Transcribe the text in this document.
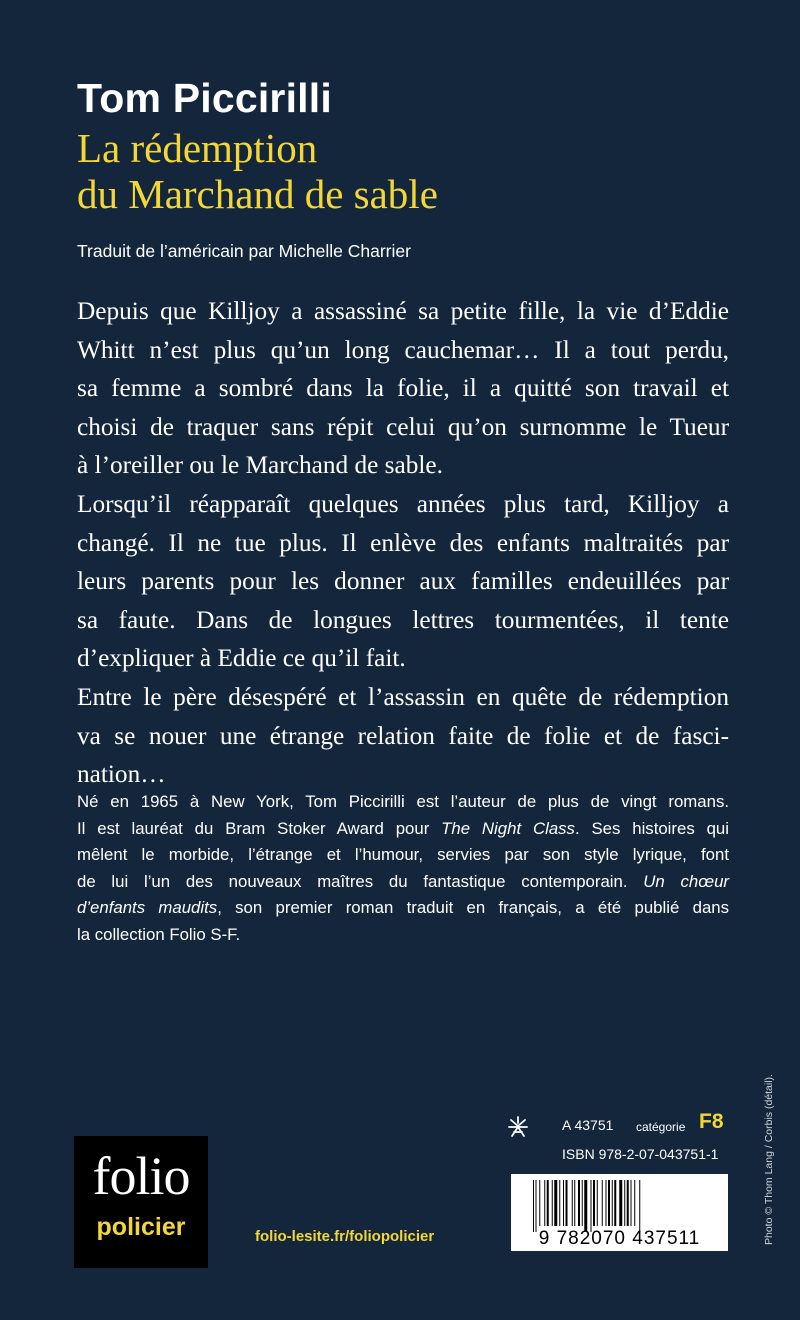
Tom Piccirilli
La rédemption
du Marchand de sable
Traduit de l’américain par Michelle Charrier
Depuis que Killjoy a assassiné sa petite fille, la vie d’Eddie
Whitt n’est plus qu’un long cauchemar… Il a tout perdu,
sa femme a sombré dans la folie, il a quitté son travail et
choisi de traquer sans répit celui qu’on surnomme le Tueur
à l’oreiller ou le Marchand de sable.
Lorsqu’il réapparaît quelques années plus tard, Killjoy a
changé. Il ne tue plus. Il enlève des enfants maltraités par
leurs parents pour les donner aux familles endeuillées par
sa faute. Dans de longues lettres tourmentées, il tente
d’expliquer à Eddie ce qu’il fait.
Entre le père désespéré et l’assassin en quête de rédemption
va se nouer une étrange relation faite de folie et de fasci-
nation…
Né en 1965 à New York, Tom Piccirilli est l’auteur de plus de vingt romans.
Il est lauréat du Bram Stoker Award pour The Night Class. Ses histoires qui
mêlent le morbide, l’étrange et l’humour, servies par son style lyrique, font
de lui l’un des nouveaux maîtres du fantastique contemporain. Un chœur
d’enfants maudits, son premier roman traduit en français, a été publié dans
la collection Folio S-F.
Photo © Thom Lang / Corbis (détail).
folio
policier	folio-lesite.fr/foliopolicier
A 43751 catégorie F8
ISBN 978-2-07-043751-1
9 782070 437511
